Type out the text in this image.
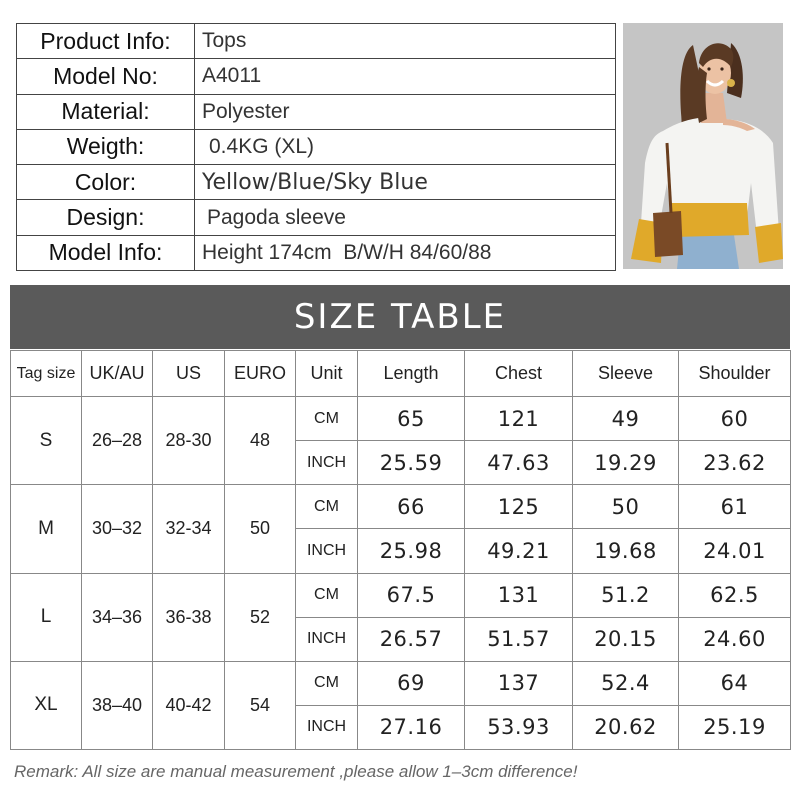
Product Info:	Tops
Model No:	A4011
Material:	Polyester
Weigth:	0.4KG (XL)
Color:	Yellow/Blue/Sky Blue
Design:	Pagoda sleeve
Model Info:	Height 174cm  B/W/H 84/60/88
SIZE TABLE
Tag size	UK/AU	US	EURO	Unit	Length	Chest	Sleeve	Shoulder
S	26–28	28-30	48	CM	65	121	49	60
				INCH	25.59	47.63	19.29	23.62
M	30–32	32-34	50	CM	66	125	50	61
				INCH	25.98	49.21	19.68	24.01
L	34–36	36-38	52	CM	67.5	131	51.2	62.5
				INCH	26.57	51.57	20.15	24.60
XL	38–40	40-42	54	CM	69	137	52.4	64
				INCH	27.16	53.93	20.62	25.19
Remark: All size are manual measurement ,please allow 1–3cm difference!
